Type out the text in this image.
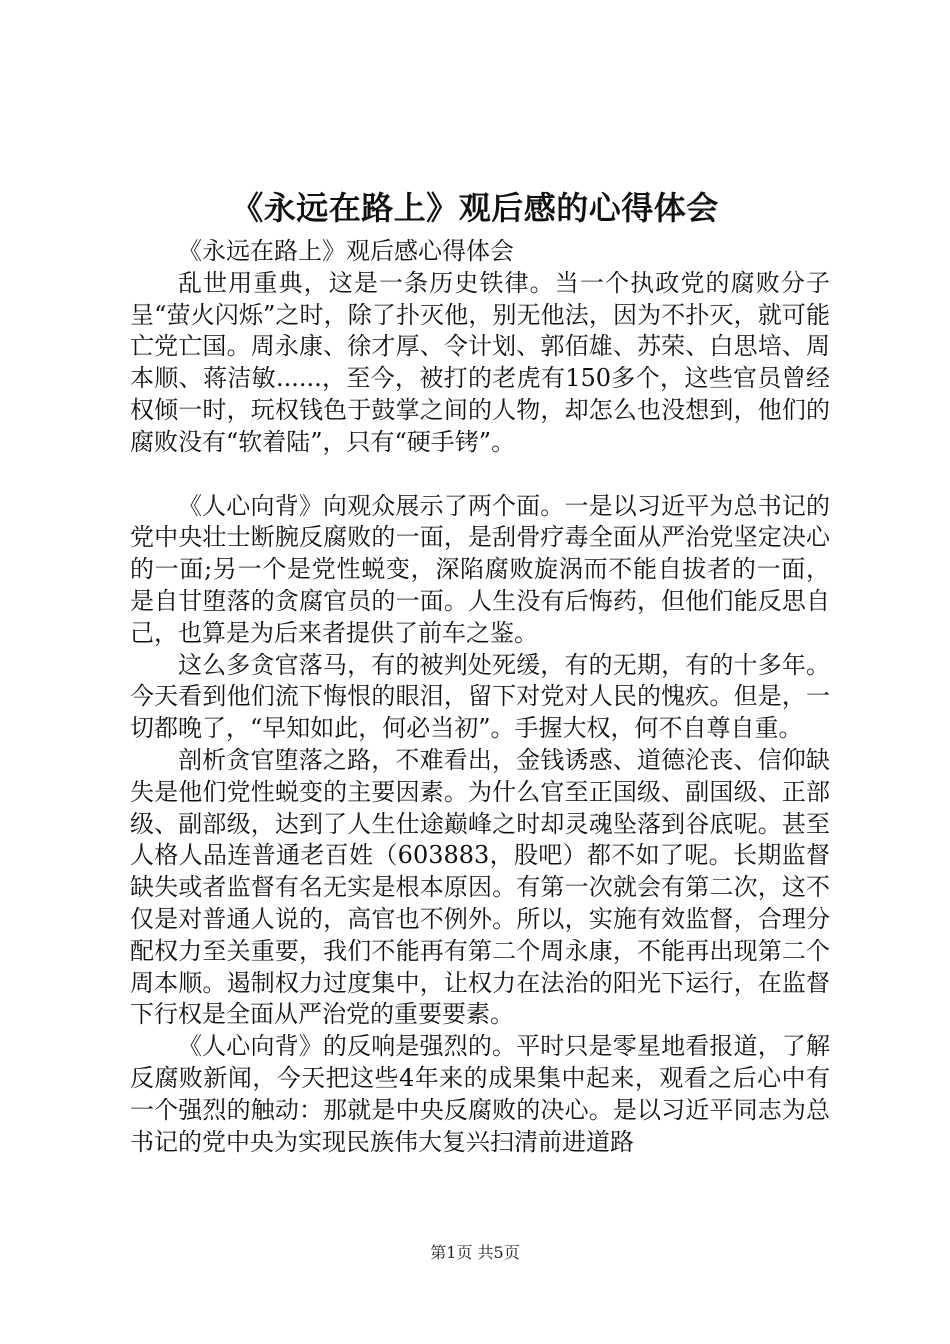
《永远在路上》观后感的心得体会

《永远在路上》观后感心得体会

乱世用重典，这是一条历史铁律。当一个执政党的腐败分子呈“萤火闪烁”之时，除了扑灭他，别无他法，因为不扑灭，就可能亡党亡国。周永康、徐才厚、令计划、郭佰雄、苏荣、白思培、周本顺、蒋洁敏......，至今，被打的老虎有150多个，这些官员曾经权倾一时，玩权钱色于鼓掌之间的人物，却怎么也没想到，他们的腐败没有“软着陆”，只有“硬手铐”。

《人心向背》向观众展示了两个面。一是以习近平为总书记的党中央壮士断腕反腐败的一面，是刮骨疗毒全面从严治党坚定决心的一面;另一个是党性蜕变，深陷腐败旋涡而不能自拔者的一面，是自甘堕落的贪腐官员的一面。人生没有后悔药，但他们能反思自己，也算是为后来者提供了前车之鉴。

这么多贪官落马，有的被判处死缓，有的无期，有的十多年。今天看到他们流下悔恨的眼泪，留下对党对人民的愧疚。但是，一切都晚了，“早知如此，何必当初”。手握大权，何不自尊自重。

剖析贪官堕落之路，不难看出，金钱诱惑、道德沦丧、信仰缺失是他们党性蜕变的主要因素。为什么官至正国级、副国级、正部级、副部级，达到了人生仕途巅峰之时却灵魂坠落到谷底呢。甚至人格人品连普通老百姓（603883，股吧）都不如了呢。长期监督缺失或者监督有名无实是根本原因。有第一次就会有第二次，这不仅是对普通人说的，高官也不例外。所以，实施有效监督，合理分配权力至关重要，我们不能再有第二个周永康，不能再出现第二个周本顺。遏制权力过度集中，让权力在法治的阳光下运行，在监督下行权是全面从严治党的重要要素。

《人心向背》的反响是强烈的。平时只是零星地看报道，了解反腐败新闻，今天把这些4年来的成果集中起来，观看之后心中有一个强烈的触动：那就是中央反腐败的决心。是以习近平同志为总书记的党中央为实现民族伟大复兴扫清前进道路

第1页 共5页
